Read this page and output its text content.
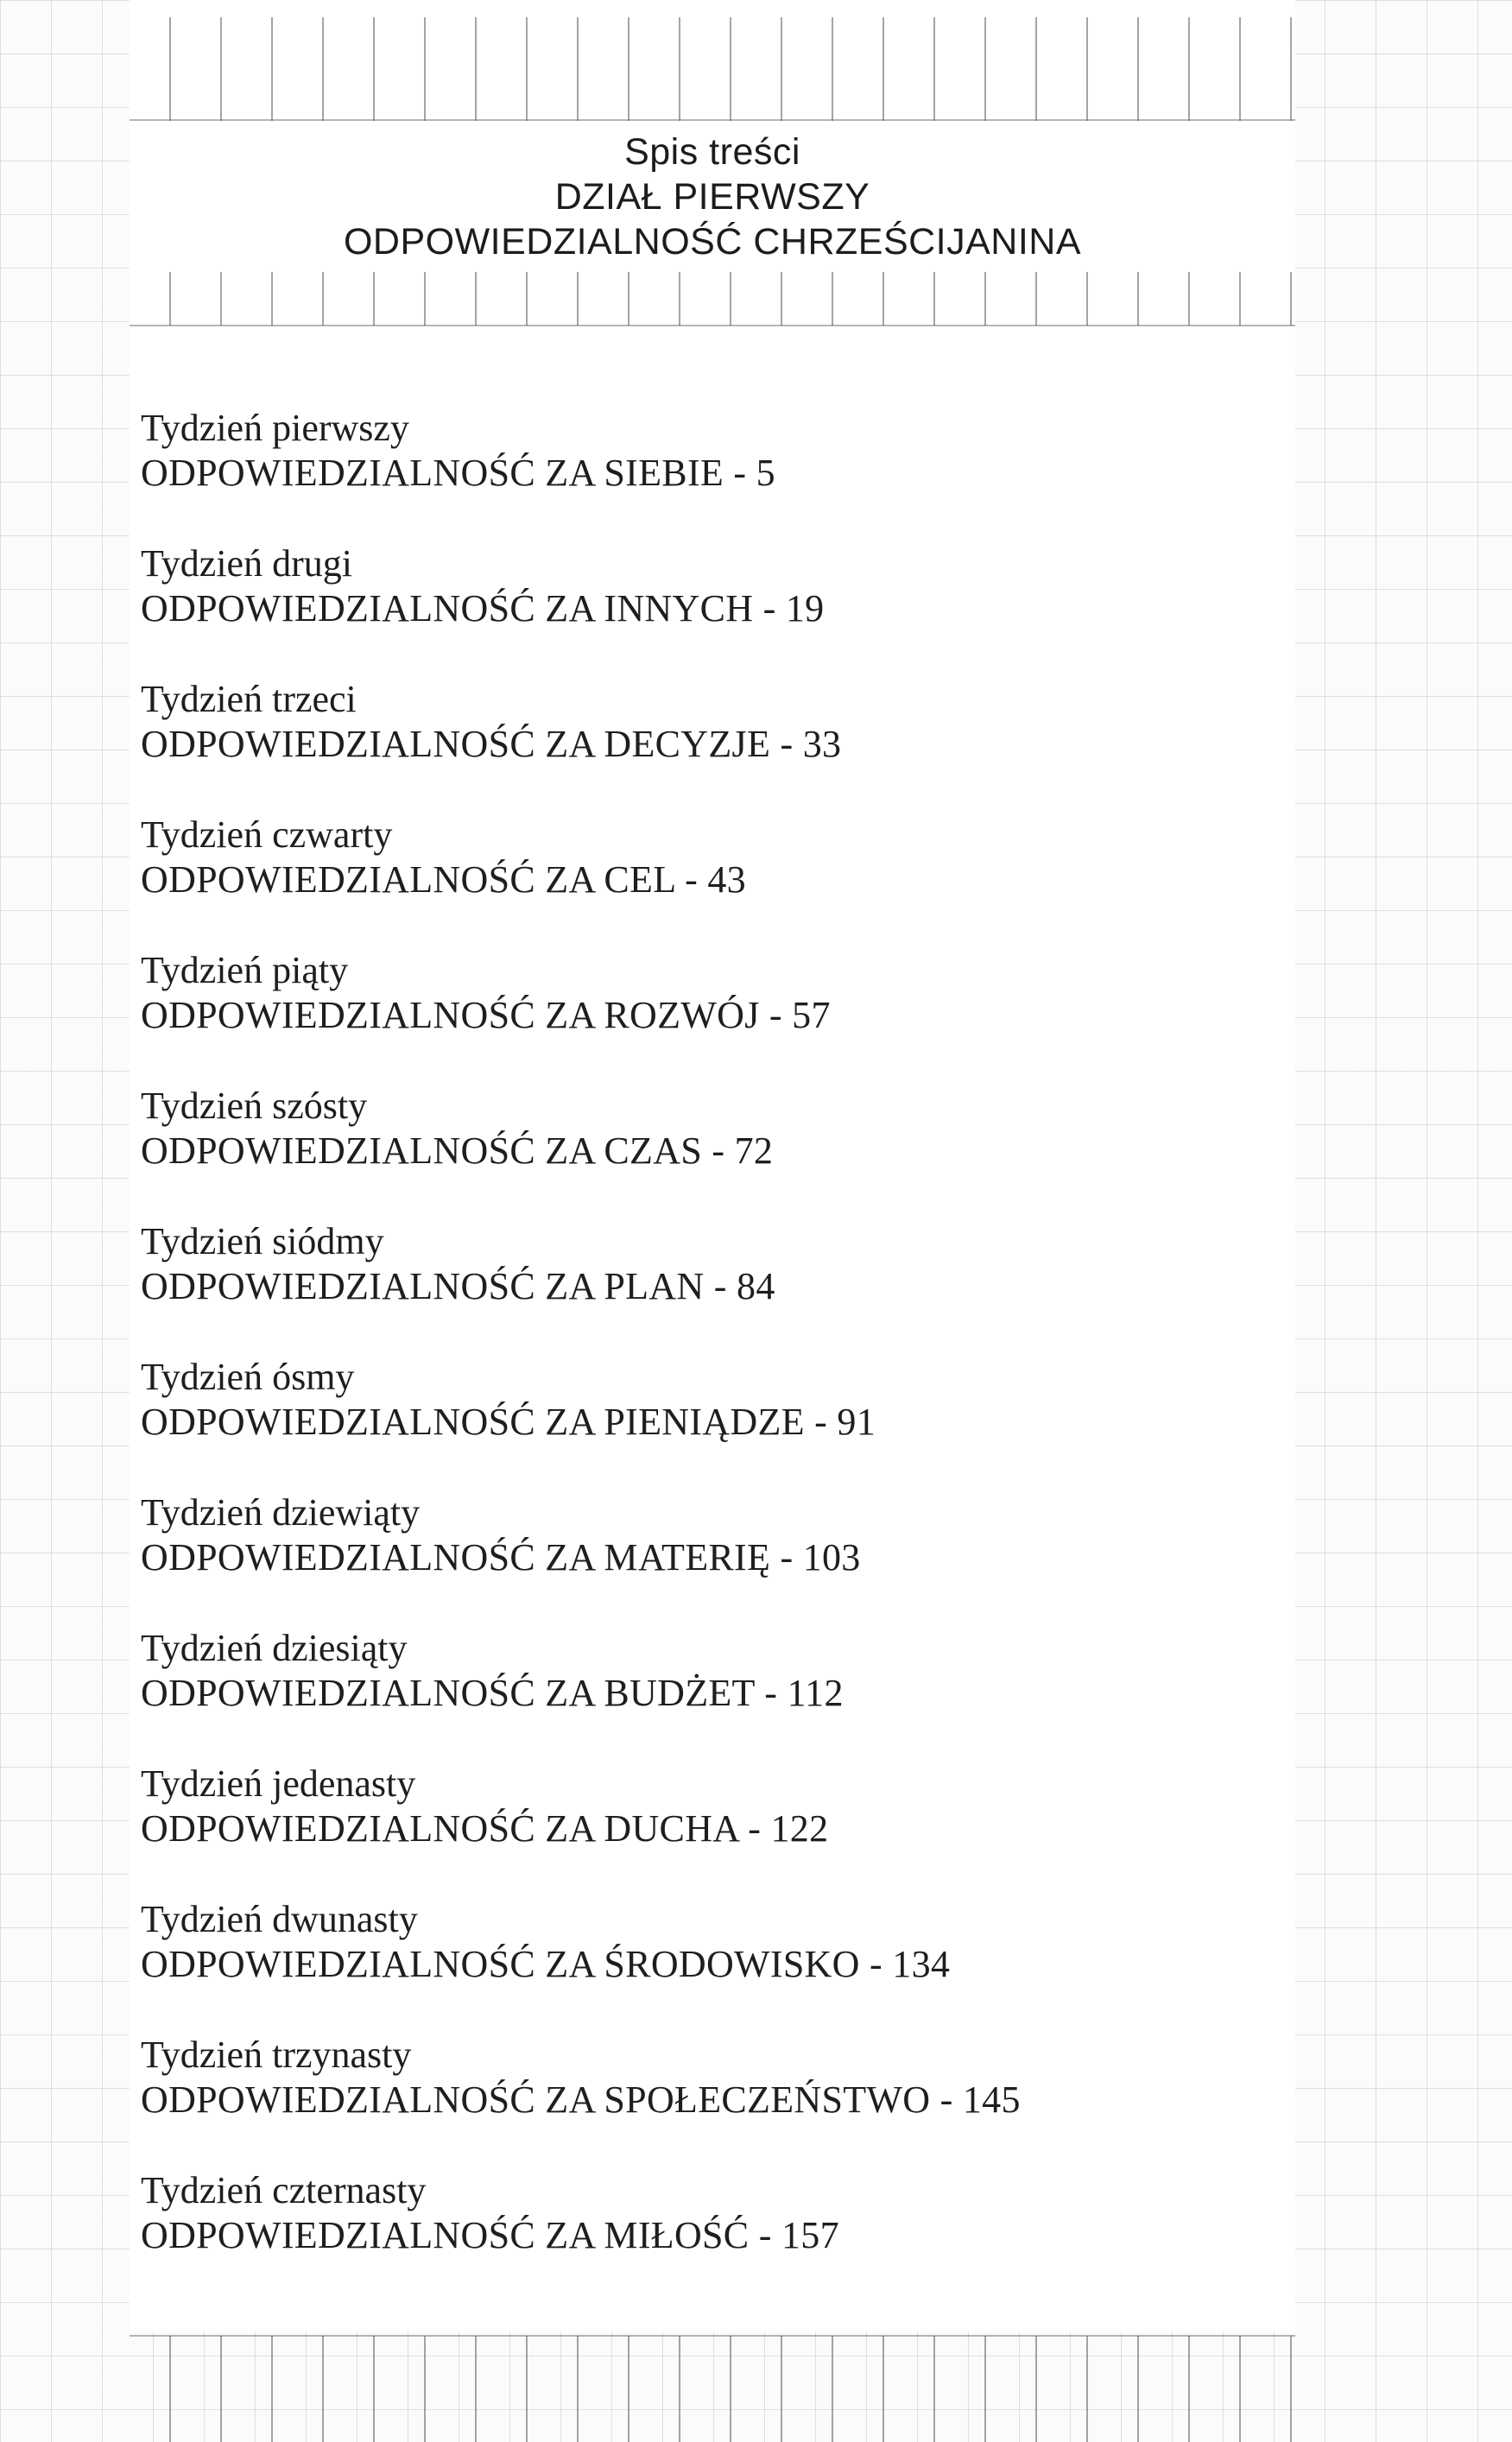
Spis treści
DZIAŁ PIERWSZY
ODPOWIEDZIALNOŚĆ CHRZEŚCIJANINA
Tydzień pierwszy
ODPOWIEDZIALNOŚĆ ZA SIEBIE - 5
Tydzień drugi
ODPOWIEDZIALNOŚĆ ZA INNYCH - 19
Tydzień trzeci
ODPOWIEDZIALNOŚĆ ZA DECYZJE - 33
Tydzień czwarty
ODPOWIEDZIALNOŚĆ ZA CEL - 43
Tydzień piąty
ODPOWIEDZIALNOŚĆ ZA ROZWÓJ - 57
Tydzień szósty
ODPOWIEDZIALNOŚĆ ZA CZAS - 72
Tydzień siódmy
ODPOWIEDZIALNOŚĆ ZA PLAN - 84
Tydzień ósmy
ODPOWIEDZIALNOŚĆ ZA PIENIĄDZE - 91
Tydzień dziewiąty
ODPOWIEDZIALNOŚĆ ZA MATERIĘ - 103
Tydzień dziesiąty
ODPOWIEDZIALNOŚĆ ZA BUDŻET - 112
Tydzień jedenasty
ODPOWIEDZIALNOŚĆ ZA DUCHA - 122
Tydzień dwunasty
ODPOWIEDZIALNOŚĆ ZA ŚRODOWISKO - 134
Tydzień trzynasty
ODPOWIEDZIALNOŚĆ ZA SPOŁECZEŃSTWO - 145
Tydzień czternasty
ODPOWIEDZIALNOŚĆ ZA MIŁOŚĆ - 157
